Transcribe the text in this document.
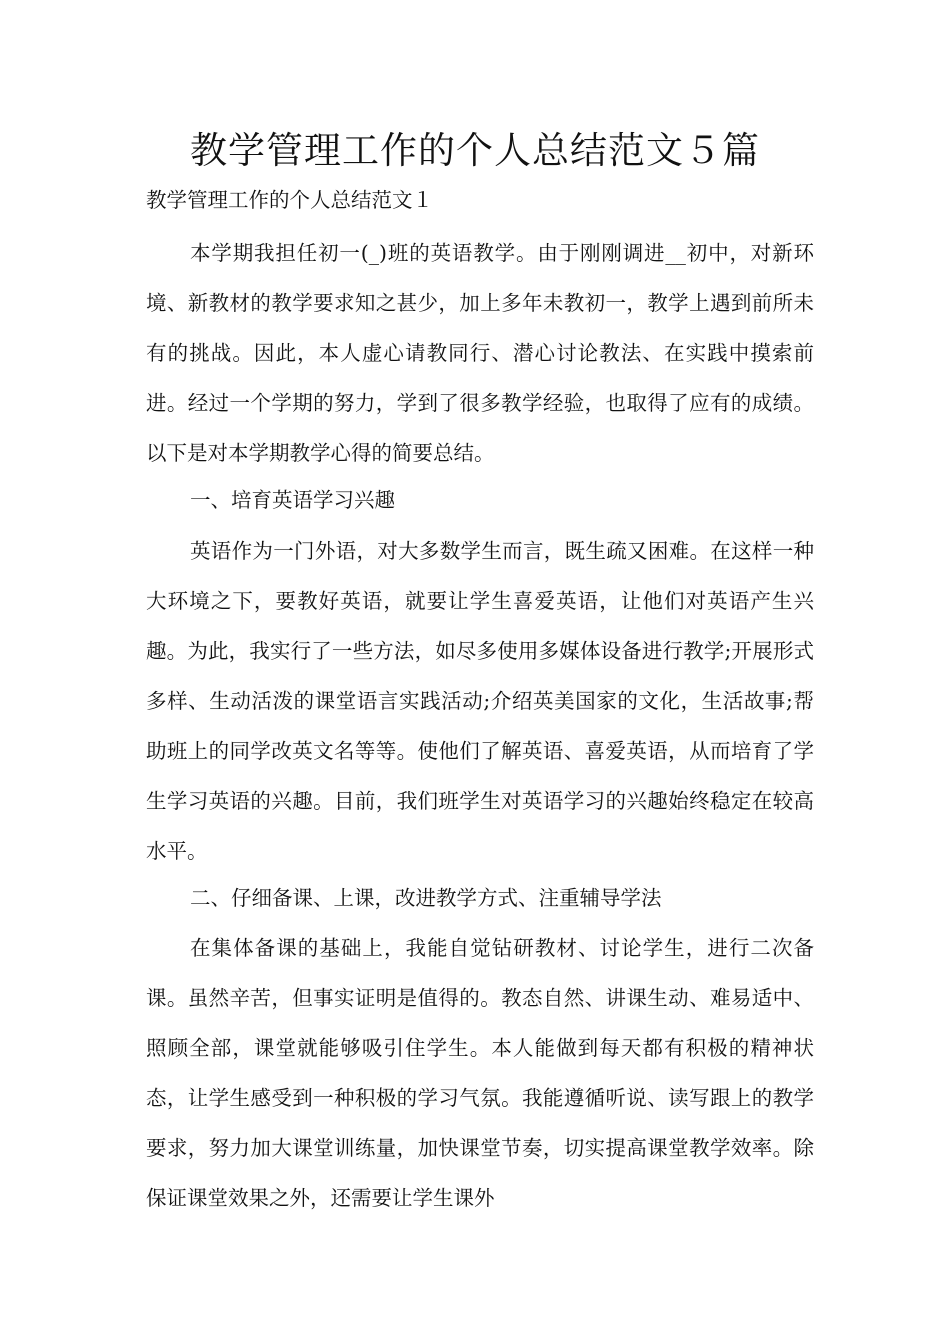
教学管理工作的个人总结范文５篇
教学管理工作的个人总结范文１

本学期我担任初一(_)班的英语教学。由于刚刚调进__初中，对新环境、新教材的教学要求知之甚少，加上多年未教初一，教学上遇到前所未有的挑战。因此，本人虚心请教同行、潜心讨论教法、在实践中摸索前进。经过一个学期的努力，学到了很多教学经验，也取得了应有的成绩。以下是对本学期教学心得的简要总结。

一、培育英语学习兴趣

英语作为一门外语，对大多数学生而言，既生疏又困难。在这样一种大环境之下，要教好英语，就要让学生喜爱英语，让他们对英语产生兴趣。为此，我实行了一些方法，如尽多使用多媒体设备进行教学;开展形式多样、生动活泼的课堂语言实践活动;介绍英美国家的文化，生活故事;帮助班上的同学改英文名等等。使他们了解英语、喜爱英语，从而培育了学生学习英语的兴趣。目前，我们班学生对英语学习的兴趣始终稳定在较高水平。

二、仔细备课、上课，改进教学方式、注重辅导学法

在集体备课的基础上，我能自觉钻研教材、讨论学生，进行二次备课。虽然辛苦，但事实证明是值得的。教态自然、讲课生动、难易适中、照顾全部，课堂就能够吸引住学生。本人能做到每天都有积极的精神状态，让学生感受到一种积极的学习气氛。我能遵循听说、读写跟上的教学要求，努力加大课堂训练量，加快课堂节奏，切实提高课堂教学效率。除保证课堂效果之外，还需要让学生课外
